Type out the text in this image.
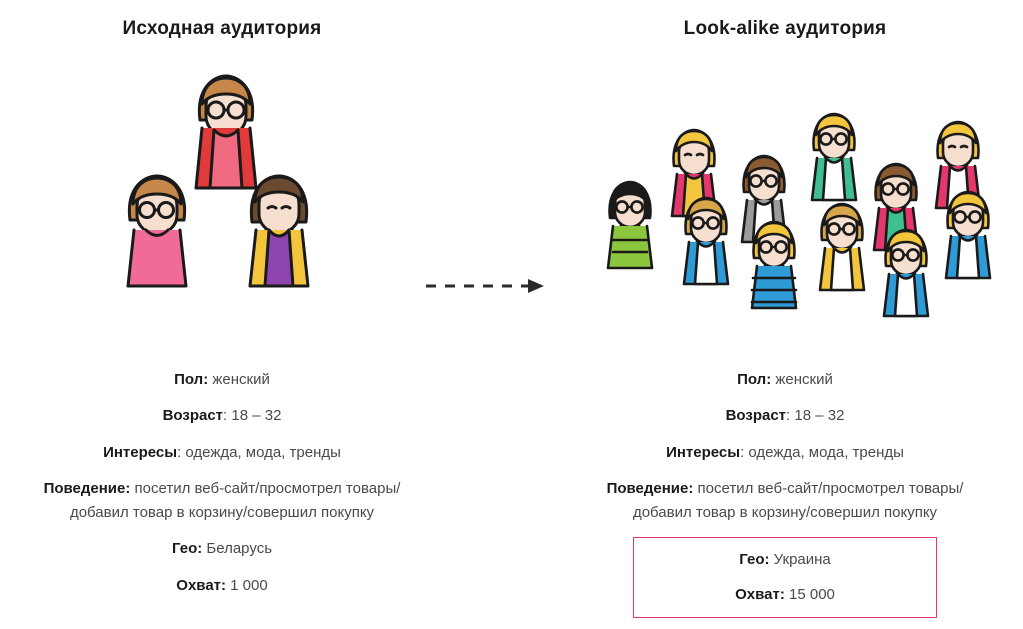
Исходная аудитория
Пол: женский
Возраст: 18 – 32
Интересы: одежда, мода, тренды
Поведение: посетил веб-сайт/просмотрел товары/добавил товар в корзину/совершил покупку
Гео: Беларусь
Охват: 1 000
Look-alike аудитория
Пол: женский
Возраст: 18 – 32
Интересы: одежда, мода, тренды
Поведение: посетил веб-сайт/просмотрел товары/добавил товар в корзину/совершил покупку
Гео: Украина
Охват: 15 000
